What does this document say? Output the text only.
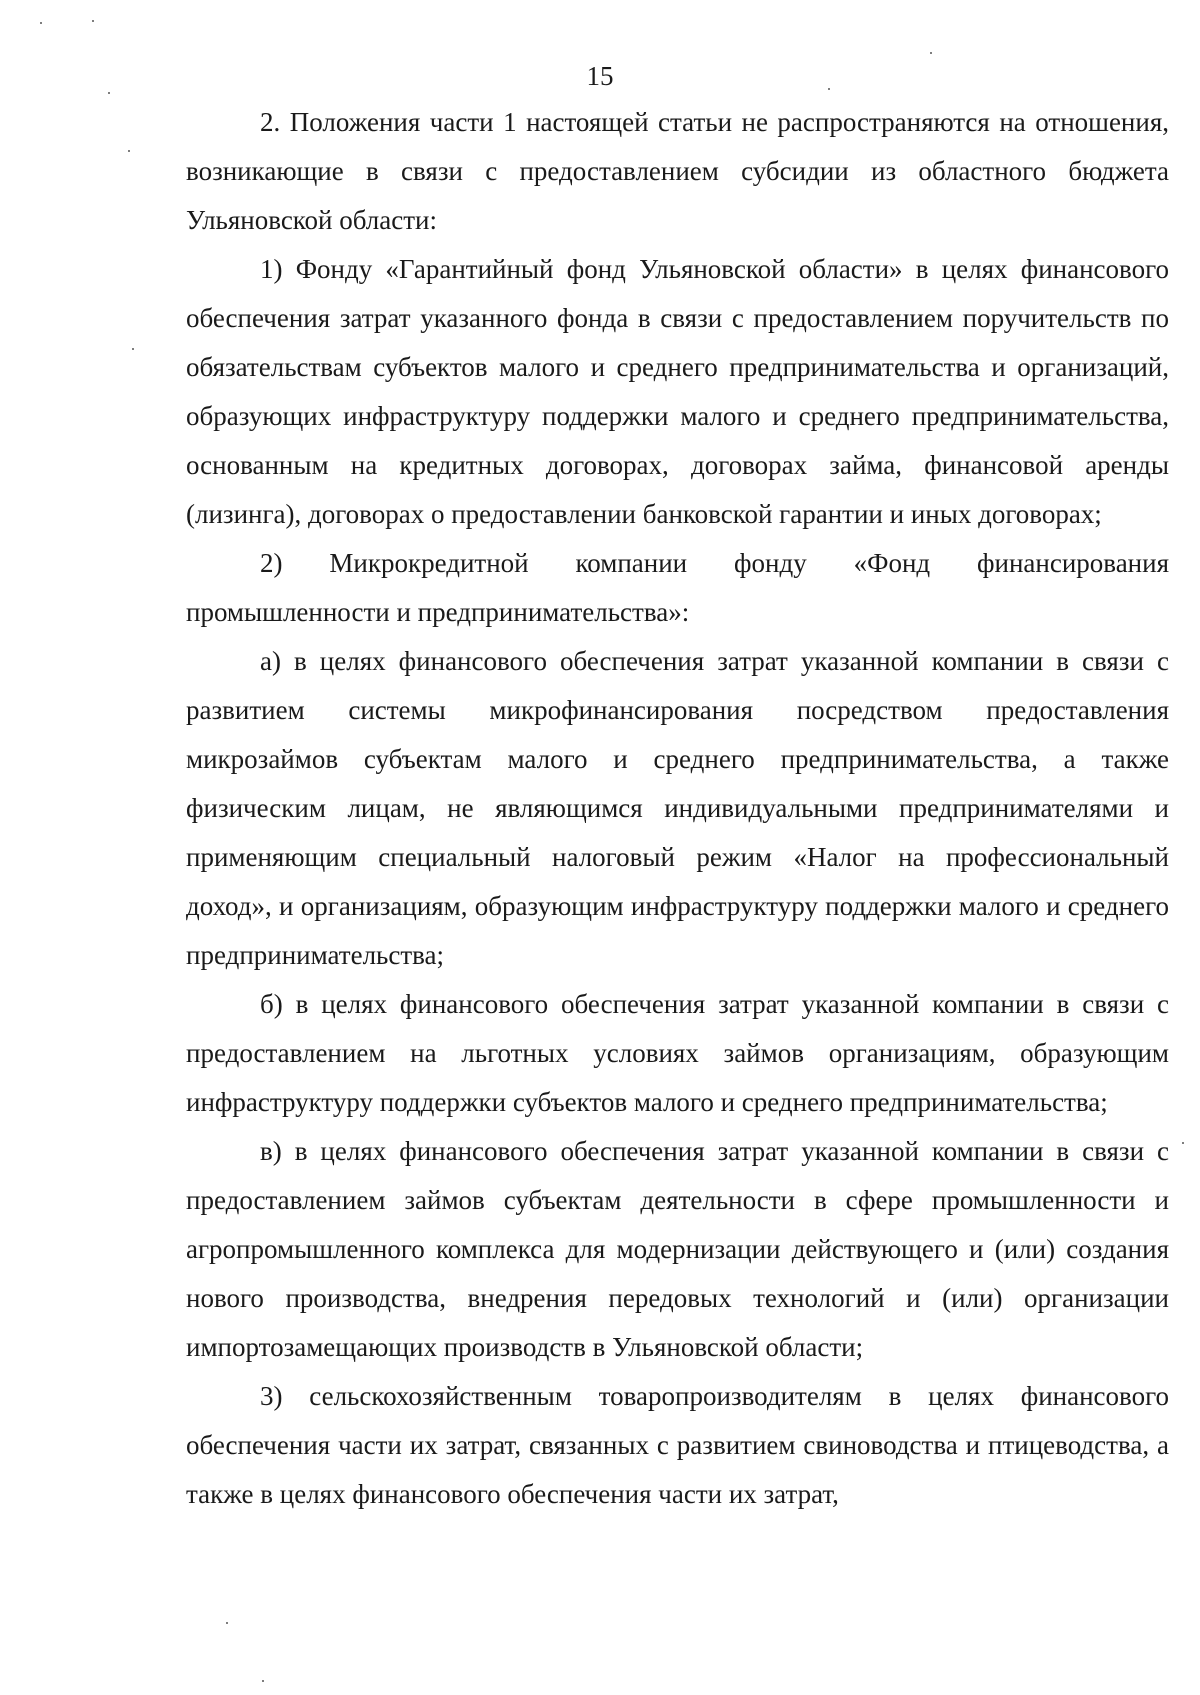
15

2. Положения части 1 настоящей статьи не распространяются на отношения, возникающие в связи с предоставлением субсидии из областного бюджета Ульяновской области:

1) Фонду «Гарантийный фонд Ульяновской области» в целях финансового обеспечения затрат указанного фонда в связи с предоставлением поручительств по обязательствам субъектов малого и среднего предпринимательства и организаций, образующих инфраструктуру поддержки малого и среднего предпринимательства, основанным на кредитных договорах, договорах займа, финансовой аренды (лизинга), договорах о предоставлении банковской гарантии и иных договорах;

2) Микрокредитной компании фонду «Фонд финансирования промышленности и предпринимательства»:

а) в целях финансового обеспечения затрат указанной компании в связи с развитием системы микрофинансирования посредством предоставления микрозаймов субъектам малого и среднего предпринимательства, а также физическим лицам, не являющимся индивидуальными предпринимателями и применяющим специальный налоговый режим «Налог на профессиональный доход», и организациям, образующим инфраструктуру поддержки малого и среднего предпринимательства;

б) в целях финансового обеспечения затрат указанной компании в связи с предоставлением на льготных условиях займов организациям, образующим инфраструктуру поддержки субъектов малого и среднего предпринимательства;

в) в целях финансового обеспечения затрат указанной компании в связи с предоставлением займов субъектам деятельности в сфере промышленности и агропромышленного комплекса для модернизации действующего и (или) создания нового производства, внедрения передовых технологий и (или) организации импортозамещающих производств в Ульяновской области;

3) сельскохозяйственным товаропроизводителям в целях финансового обеспечения части их затрат, связанных с развитием свиноводства и птицеводства, а также в целях финансового обеспечения части их затрат,
